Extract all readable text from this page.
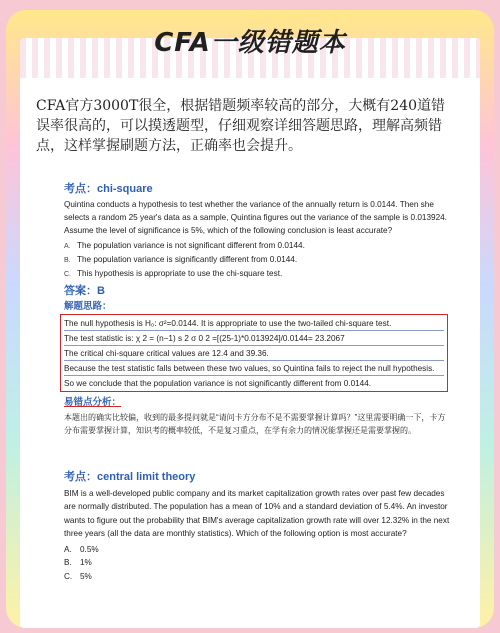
CFA一级错题本
CFA官方3000T很全，根据错题频率较高的部分，大概有240道错误率很高的，可以摸透题型，仔细观察详细答题思路，理解高频错点，这样掌握刷题方法，正确率也会提升。
考点：chi-square
Quintina conducts a hypothesis to test whether the variance of the annually return is 0.0144. Then she selects a random 25 year's data as a sample, Quintina figures out the variance of the sample is 0.013924. Assume the level of significance is 5%, which of the following conclusion is least accurate?
A. The population variance is not significant different from 0.0144.
B. The population variance is significantly different from 0.0144.
C. This hypothesis is appropriate to use the chi-square test.
答案：B
解题思路：
The null hypothesis is H₀: σ²=0.0144. It is appropriate to use the two-tailed chi-square test.
The test statistic is: χ 2 = (n−1) s 2 σ 0 2 =[(25-1)*0.013924]/0.0144= 23.2067
The critical chi-square critical values are 12.4 and 39.36.
Because the test statistic falls between these two values, so Quintina fails to reject the null hypothesis.
So we conclude that the population variance is not significantly different from 0.0144.
易错点分析：
本题出的确实比较偏，收到的最多提问就是“请问卡方分布不是不需要掌握计算吗？”这里需要明确一下，卡方分布需要掌握计算，知识考的概率较低，不是复习重点，在学有余力的情况能掌握还是需要掌握的。
考点：central limit theory
BIM is a well-developed public company and its market capitalization growth rates over past few decades are normally distributed. The population has a mean of 10% and a standard deviation of 5.4%. An investor wants to figure out the probability that BIM's average capitalization growth rate will over 12.32% in the next three years (all the data are monthly statistics). Which of the following option is most accurate?
A.	0.5%
B.	1%
C. 5%
